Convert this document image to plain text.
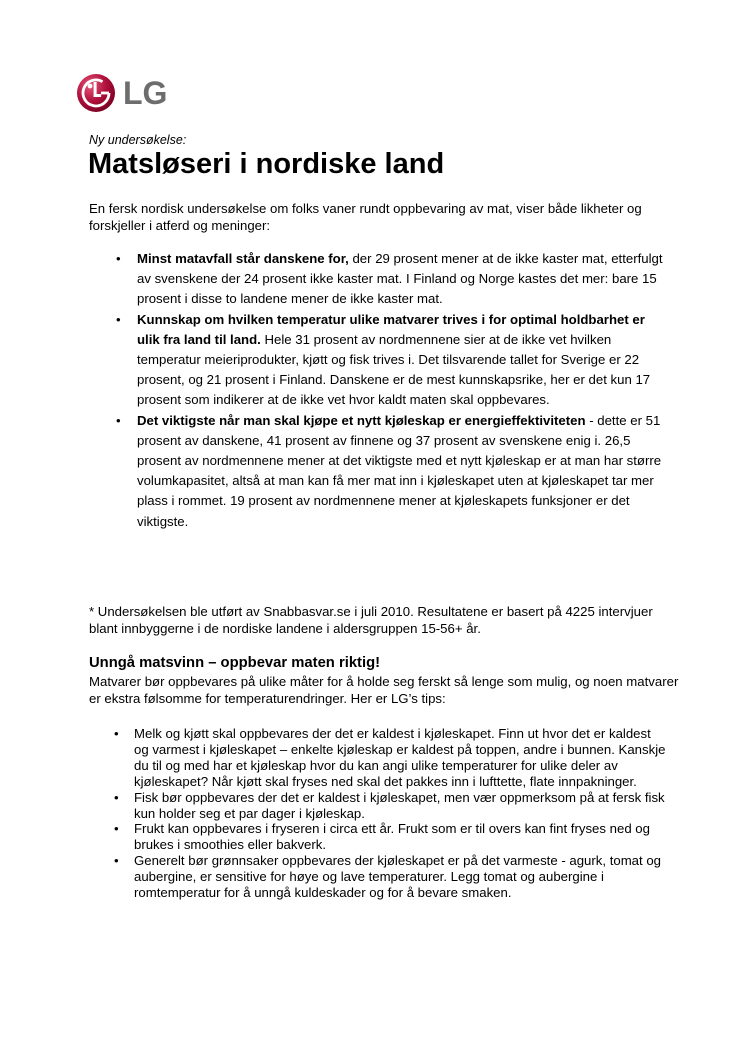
LG
Ny undersøkelse:
Matsløseri i nordiske land

En fersk nordisk undersøkelse om folks vaner rundt oppbevaring av mat, viser både likheter og forskjeller i atferd og meninger:

• Minst matavfall står danskene for, der 29 prosent mener at de ikke kaster mat, etterfulgt av svenskene der 24 prosent ikke kaster mat. I Finland og Norge kastes det mer: bare 15 prosent i disse to landene mener de ikke kaster mat.
• Kunnskap om hvilken temperatur ulike matvarer trives i for optimal holdbarhet er ulik fra land til land. Hele 31 prosent av nordmennene sier at de ikke vet hvilken temperatur meieriprodukter, kjøtt og fisk trives i. Det tilsvarende tallet for Sverige er 22 prosent, og 21 prosent i Finland. Danskene er de mest kunnskapsrike, her er det kun 17 prosent som indikerer at de ikke vet hvor kaldt maten skal oppbevares.
• Det viktigste når man skal kjøpe et nytt kjøleskap er energieffektiviteten - dette er 51 prosent av danskene, 41 prosent av finnene og 37 prosent av svenskene enig i. 26,5 prosent av nordmennene mener at det viktigste med et nytt kjøleskap er at man har større volumkapasitet, altså at man kan få mer mat inn i kjøleskapet uten at kjøleskapet tar mer plass i rommet. 19 prosent av nordmennene mener at kjøleskapets funksjoner er det viktigste.

* Undersøkelsen ble utført av Snabbasvar.se i juli 2010. Resultatene er basert på 4225 intervjuer blant innbyggerne i de nordiske landene i aldersgruppen 15-56+ år.

Unngå matsvinn – oppbevar maten riktig!

Matvarer bør oppbevares på ulike måter for å holde seg ferskt så lenge som mulig, og noen matvarer er ekstra følsomme for temperaturendringer. Her er LG’s tips:

• Melk og kjøtt skal oppbevares der det er kaldest i kjøleskapet. Finn ut hvor det er kaldest og varmest i kjøleskapet – enkelte kjøleskap er kaldest på toppen, andre i bunnen. Kanskje du til og med har et kjøleskap hvor du kan angi ulike temperaturer for ulike deler av kjøleskapet? Når kjøtt skal fryses ned skal det pakkes inn i lufttette, flate innpakninger.
• Fisk bør oppbevares der det er kaldest i kjøleskapet, men vær oppmerksom på at fersk fisk kun holder seg et par dager i kjøleskap.
• Frukt kan oppbevares i fryseren i circa ett år. Frukt som er til overs kan fint fryses ned og brukes i smoothies eller bakverk.
• Generelt bør grønnsaker oppbevares der kjøleskapet er på det varmeste - agurk, tomat og aubergine, er sensitive for høye og lave temperaturer. Legg tomat og aubergine i romtemperatur for å unngå kuldeskader og for å bevare smaken.
